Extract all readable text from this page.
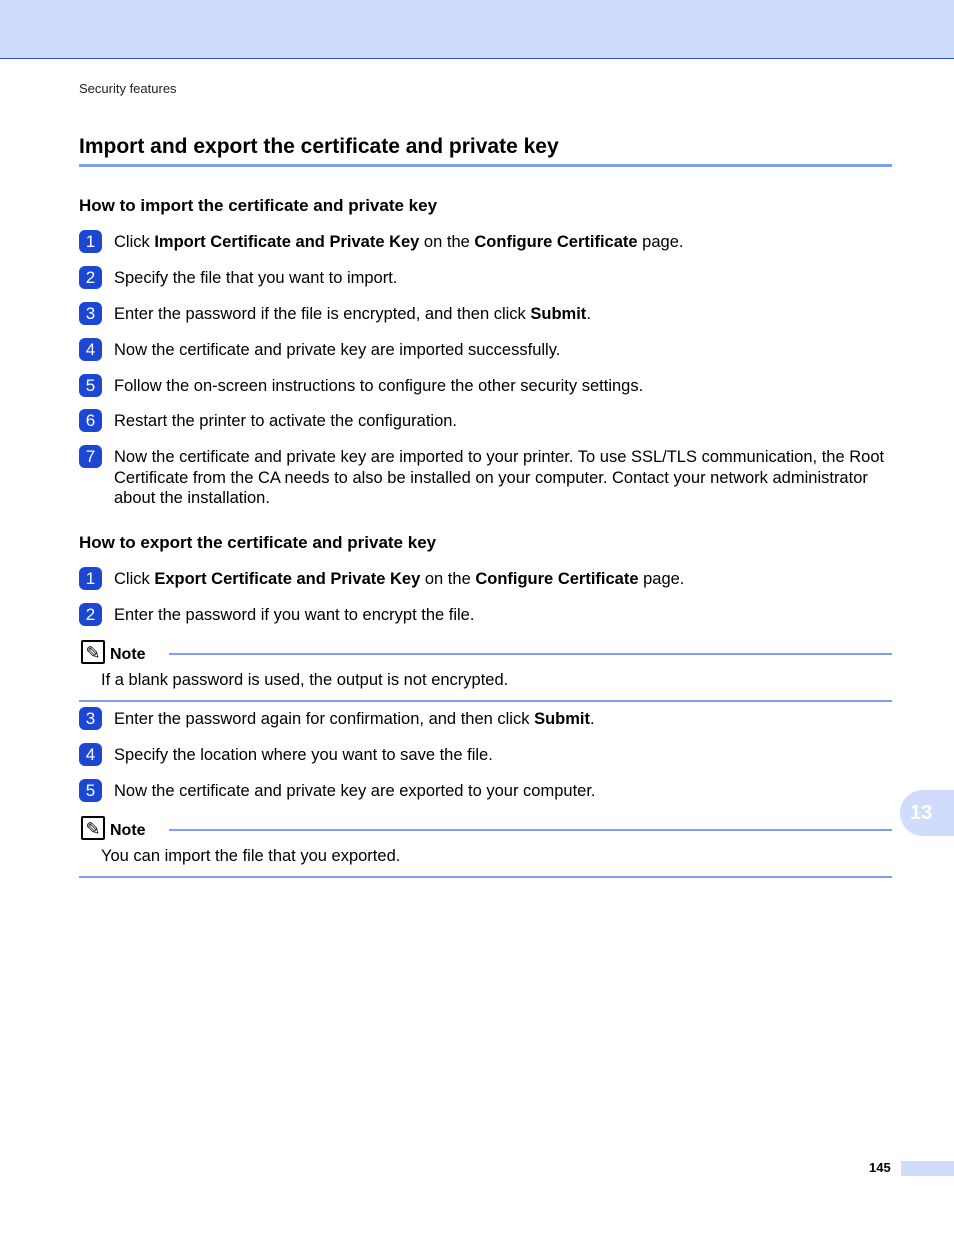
Security features
Import and export the certificate and private key
How to import the certificate and private key
1	Click Import Certificate and Private Key on the Configure Certificate page.
2	Specify the file that you want to import.
3	Enter the password if the file is encrypted, and then click Submit.
4	Now the certificate and private key are imported successfully.
5	Follow the on-screen instructions to configure the other security settings.
6	Restart the printer to activate the configuration.
7	Now the certificate and private key are imported to your printer. To use SSL/TLS communication, the Root Certificate from the CA needs to also be installed on your computer. Contact your network administrator about the installation.
How to export the certificate and private key
1	Click Export Certificate and Private Key on the Configure Certificate page.
2	Enter the password if you want to encrypt the file.
✎ Note
If a blank password is used, the output is not encrypted.
3	Enter the password again for confirmation, and then click Submit.
4	Specify the location where you want to save the file.
5	Now the certificate and private key are exported to your computer.
✎ Note
You can import the file that you exported.
13
145
